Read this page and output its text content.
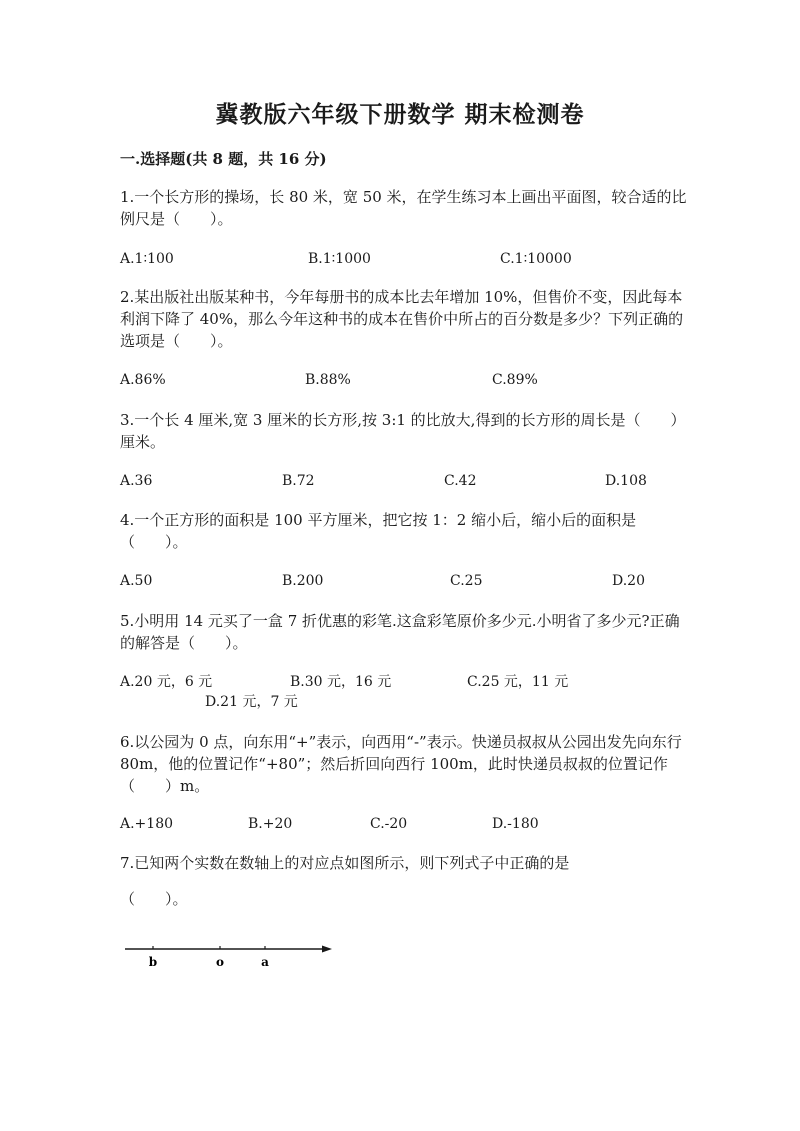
冀教版六年级下册数学 期末检测卷
一.选择题(共 8 题，共 16 分)

1.一个长方形的操场，长 80 米，宽 50 米，在学生练习本上画出平面图，较合适的比例尺是（　　）。

A.1∶100	B.1∶1000	C.1∶10000

2.某出版社出版某种书，今年每册书的成本比去年增加 10%，但售价不变，因此每本利润下降了 40%，那么今年这种书的成本在售价中所占的百分数是多少？下列正确的选项是（　　）。

A.86%	B.88%	C.89%

3.一个长 4 厘米,宽 3 厘米的长方形,按 3:1 的比放大,得到的长方形的周长是（　　）厘米。

A.36	B.72	C.42	D.108

4.一个正方形的面积是 100 平方厘米，把它按 1：2 缩小后，缩小后的面积是（　　）。

A.50	B.200	C.25	D.20

5.小明用 14 元买了一盒 7 折优惠的彩笔.这盒彩笔原价多少元.小明省了多少元?正确的解答是（　　）。

A.20 元，6 元	B.30 元，16 元	C.25 元，11 元
D.21 元，7 元

6.以公园为 0 点，向东用“+”表示，向西用“-”表示。快递员叔叔从公园出发先向东行 80m，他的位置记作“+80”；然后折回向西行 100m，此时快递员叔叔的位置记作（　　）m。

A.+180	B.+20	C.-20	D.-180

7.已知两个实数在数轴上的对应点如图所示，则下列式子中正确的是

（　　）。

b	o	a
